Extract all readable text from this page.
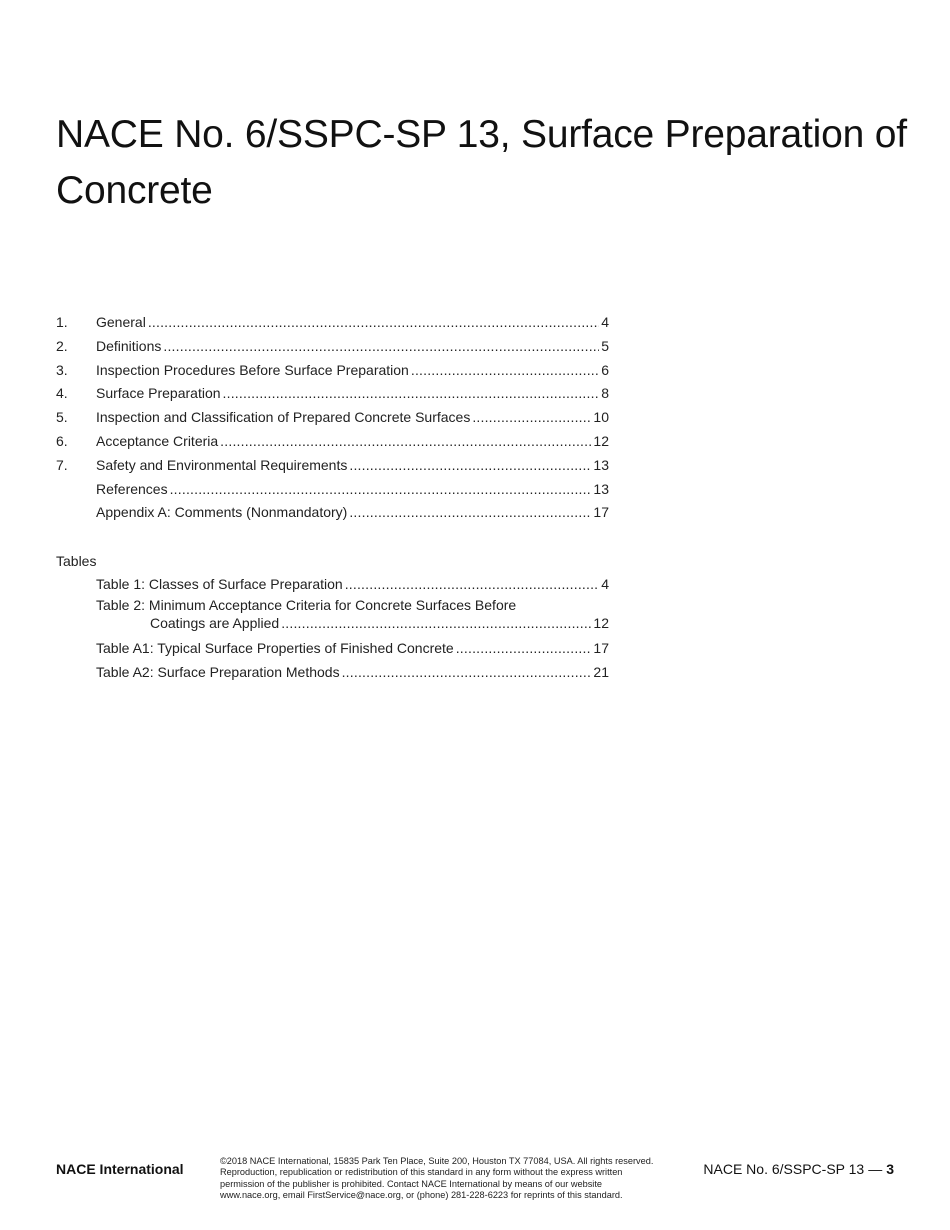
NACE No. 6/SSPC-SP 13, Surface Preparation of Concrete
1.	General .....	4
2.	Definitions .....	5
3.	Inspection Procedures Before Surface Preparation .....	6
4.	Surface Preparation .....	8
5.	Inspection and Classification of Prepared Concrete Surfaces .....	10
6.	Acceptance Criteria .....	12
7.	Safety and Environmental Requirements .....	13
References .....	13
Appendix A: Comments (Nonmandatory) .....	17
Tables
Table 1: Classes of Surface Preparation .....	4
Table 2: Minimum Acceptance Criteria for Concrete Surfaces Before
Coatings are Applied .....	12
Table A1: Typical Surface Properties of Finished Concrete .....	17
Table A2: Surface Preparation Methods .....	21
NACE International	©2018 NACE International, 15835 Park Ten Place, Suite 200, Houston TX 77084, USA. All rights reserved. Reproduction, republication or redistribution of this standard in any form without the express written permission of the publisher is prohibited. Contact NACE International by means of our website www.nace.org, email FirstService@nace.org, or (phone) 281-228-6223 for reprints of this standard.
NACE No. 6/SSPC-SP 13 — 3
